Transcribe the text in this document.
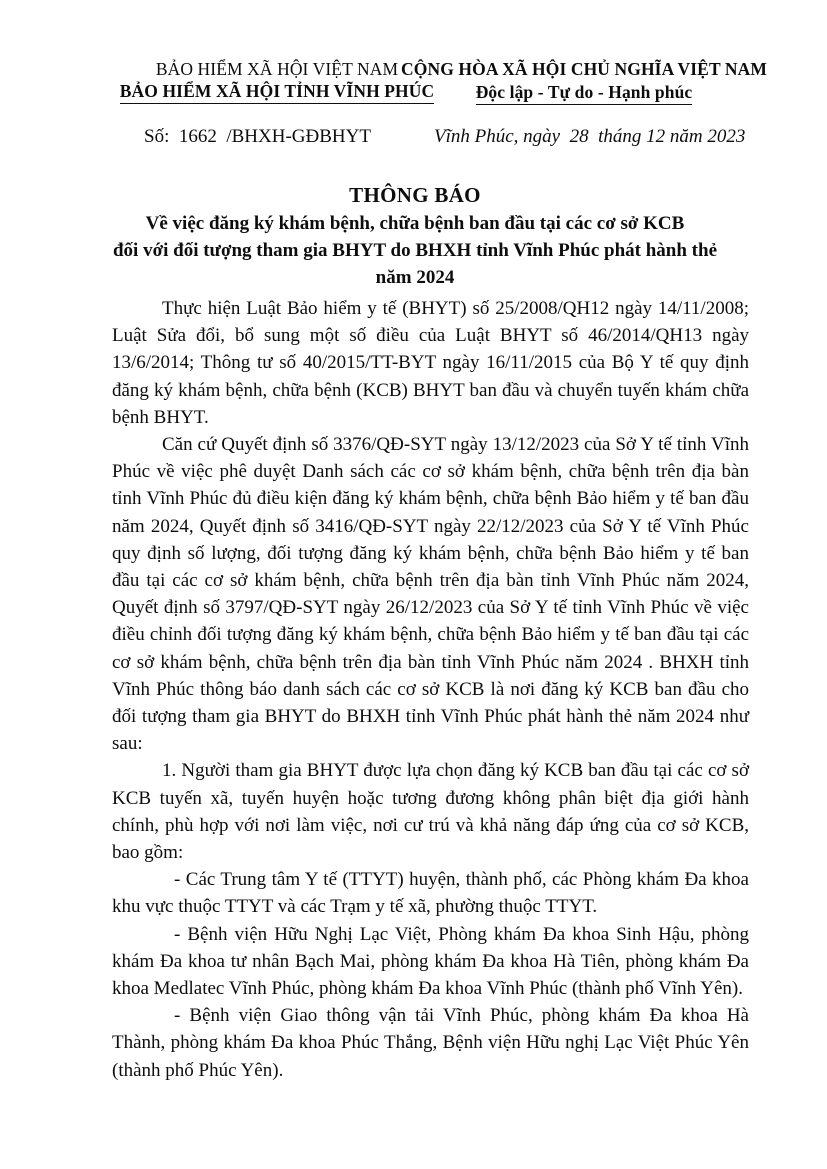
BẢO HIỂM XÃ HỘI VIỆT NAM
BẢO HIỂM XÃ HỘI TỈNH VĨNH PHÚC
CỘNG HÒA XÃ HỘI CHỦ NGHĨA VIỆT NAM
Độc lập - Tự do - Hạnh phúc
Số:  1662  /BHXH-GĐBHYT	Vĩnh Phúc, ngày  28  tháng 12 năm 2023
THÔNG BÁO
Về việc đăng ký khám bệnh, chữa bệnh ban đầu tại các cơ sở KCB
đối với đối tượng tham gia BHYT do BHXH tỉnh Vĩnh Phúc phát hành thẻ
năm 2024

Thực hiện Luật Bảo hiểm y tế (BHYT) số 25/2008/QH12 ngày 14/11/2008; Luật Sửa đổi, bổ sung một số điều của Luật BHYT số 46/2014/QH13 ngày 13/6/2014; Thông tư số 40/2015/TT-BYT ngày 16/11/2015 của Bộ Y tế quy định đăng ký khám bệnh, chữa bệnh (KCB) BHYT ban đầu và chuyển tuyến khám chữa bệnh BHYT.

Căn cứ Quyết định số 3376/QĐ-SYT ngày 13/12/2023 của Sở Y tế tỉnh Vĩnh Phúc về việc phê duyệt Danh sách các cơ sở khám bệnh, chữa bệnh trên địa bàn tỉnh Vĩnh Phúc đủ điều kiện đăng ký khám bệnh, chữa bệnh Bảo hiểm y tế ban đầu năm 2024, Quyết định số 3416/QĐ-SYT ngày 22/12/2023 của Sở Y tế Vĩnh Phúc quy định số lượng, đối tượng đăng ký khám bệnh, chữa bệnh Bảo hiểm y tế ban đầu tại các cơ sở khám bệnh, chữa bệnh trên địa bàn tỉnh Vĩnh Phúc năm 2024, Quyết định số 3797/QĐ-SYT ngày 26/12/2023 của Sở Y tế tỉnh Vĩnh Phúc về việc điều chỉnh đối tượng đăng ký khám bệnh, chữa bệnh Bảo hiểm y tế ban đầu tại các cơ sở khám bệnh, chữa bệnh trên địa bàn tỉnh Vĩnh Phúc năm 2024 . BHXH tỉnh Vĩnh Phúc thông báo danh sách các cơ sở KCB là nơi đăng ký KCB ban đầu cho đối tượng tham gia BHYT do BHXH tỉnh Vĩnh Phúc phát hành thẻ năm 2024 như sau:

1. Người tham gia BHYT được lựa chọn đăng ký KCB ban đầu tại các cơ sở KCB tuyến xã, tuyến huyện hoặc tương đương không phân biệt địa giới hành chính, phù hợp với nơi làm việc, nơi cư trú và khả năng đáp ứng của cơ sở KCB, bao gồm:

- Các Trung tâm Y tế (TTYT) huyện, thành phố, các Phòng khám Đa khoa khu vực thuộc TTYT và các Trạm y tế xã, phường thuộc TTYT.

- Bệnh viện Hữu Nghị Lạc Việt, Phòng khám Đa khoa Sinh Hậu, phòng khám Đa khoa tư nhân Bạch Mai, phòng khám Đa khoa Hà Tiên, phòng khám Đa khoa Medlatec Vĩnh Phúc, phòng khám Đa khoa Vĩnh Phúc (thành phố Vĩnh Yên).

- Bệnh viện Giao thông vận tải Vĩnh Phúc, phòng khám Đa khoa Hà Thành, phòng khám Đa khoa Phúc Thắng, Bệnh viện Hữu nghị Lạc Việt Phúc Yên (thành phố Phúc Yên).
